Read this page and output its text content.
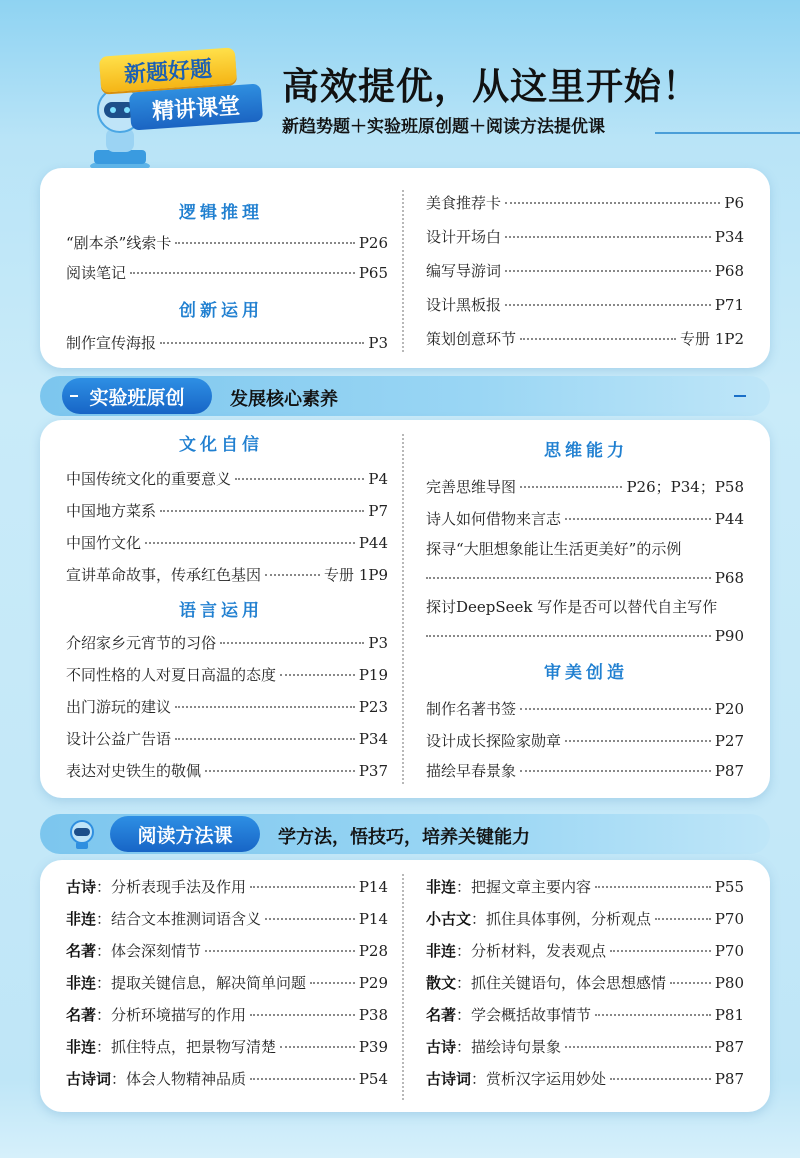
新题好题
精讲课堂
高效提优，从这里开始！
新趋势题＋实验班原创题＋阅读方法提优课
逻辑推理
“剧本杀”线索卡	P26
阅读笔记	P65
创新运用
制作宣传海报	P3
美食推荐卡	P6
设计开场白	P34
编写导游词	P68
设计黑板报	P71
策划创意环节	专册 1P2
实验班原创	发展核心素养
文化自信
中国传统文化的重要意义	P4
中国地方菜系	P7
中国竹文化	P44
宣讲革命故事，传承红色基因	专册 1P9
语言运用
介绍家乡元宵节的习俗	P3
不同性格的人对夏日高温的态度	P19
出门游玩的建议	P23
设计公益广告语	P34
表达对史铁生的敬佩	P37
思维能力
完善思维导图	P26；P34；P58
诗人如何借物来言志	P44
探寻“大胆想象能让生活更美好”的示例
P68
探讨DeepSeek 写作是否可以替代自主写作
P90
审美创造
制作名著书签	P20
设计成长探险家勋章	P27
描绘早春景象	P87
阅读方法课	学方法，悟技巧，培养关键能力
古诗：分析表现手法及作用	P14
非连：结合文本推测词语含义	P14
名著：体会深刻情节	P28
非连：提取关键信息，解决简单问题	P29
名著：分析环境描写的作用	P38
非连：抓住特点，把景物写清楚	P39
古诗词：体会人物精神品质	P54
非连：把握文章主要内容	P55
小古文：抓住具体事例，分析观点	P70
非连：分析材料，发表观点	P70
散文：抓住关键语句，体会思想感情	P80
名著：学会概括故事情节	P81
古诗：描绘诗句景象	P87
古诗词：赏析汉字运用妙处	P87
